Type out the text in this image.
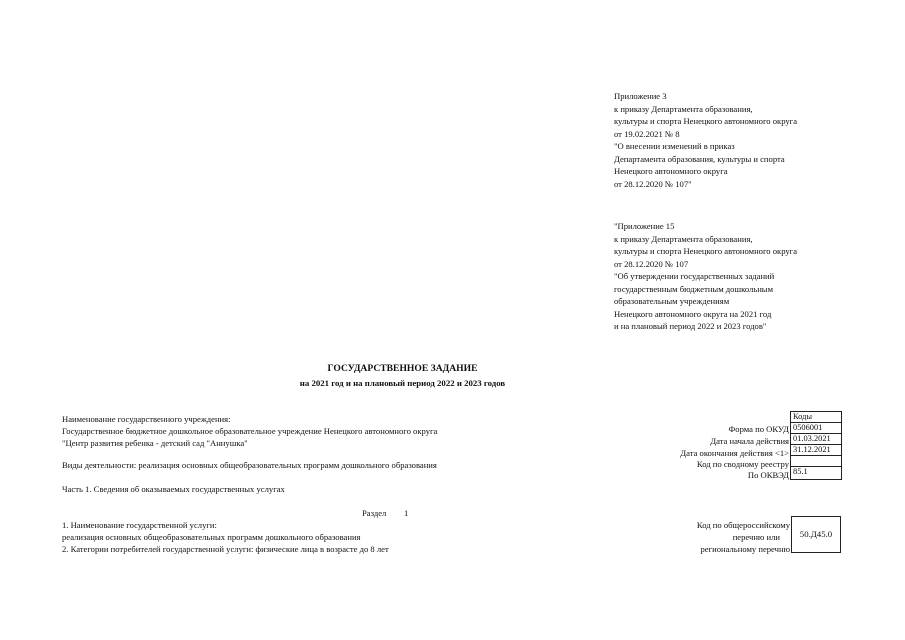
Приложение 3
к приказу Департамента образования,
культуры и спорта Ненецкого автономного округа
от 19.02.2021 № 8
"О внесении изменений в приказ
Департамента образования, культуры и спорта
Ненецкого автономного округа
от 28.12.2020 № 107"
"Приложение 15
к приказу Департамента образования,
культуры и спорта Ненецкого автономного округа
от 28.12.2020 № 107
"Об утверждении государственных заданий
государственным бюджетным дошкольным
образовательным учреждениям
Ненецкого автономного округа на 2021 год
и на плановый период 2022 и 2023 годов"
ГОСУДАРСТВЕННОЕ ЗАДАНИЕ
на 2021 год и на плановый период 2022 и 2023 годов
Наименование государственного учреждения:
Государственное бюджетное дошкольное образовательное учреждение Ненецкого автономного округа
"Центр развития ребенка - детский сад "Аннушка"
Виды деятельности: реализация основных общеобразовательных программ дошкольного образования
Коды
Форма по ОКУД 0506001
Дата начала действия 01.03.2021
Дата окончания действия <1> 31.12.2021
Код по сводному реестру
По ОКВЭД 85.1
Часть 1. Сведения об оказываемых государственных услугах
Раздел 1
1. Наименование государственной услуги:
реализация основных общеобразовательных программ дошкольного образования
2. Категории потребителей государственной услуги: физические лица в возрасте до 8 лет
Код по общероссийскому
перечню или
региональному перечню
50.Д45.0
